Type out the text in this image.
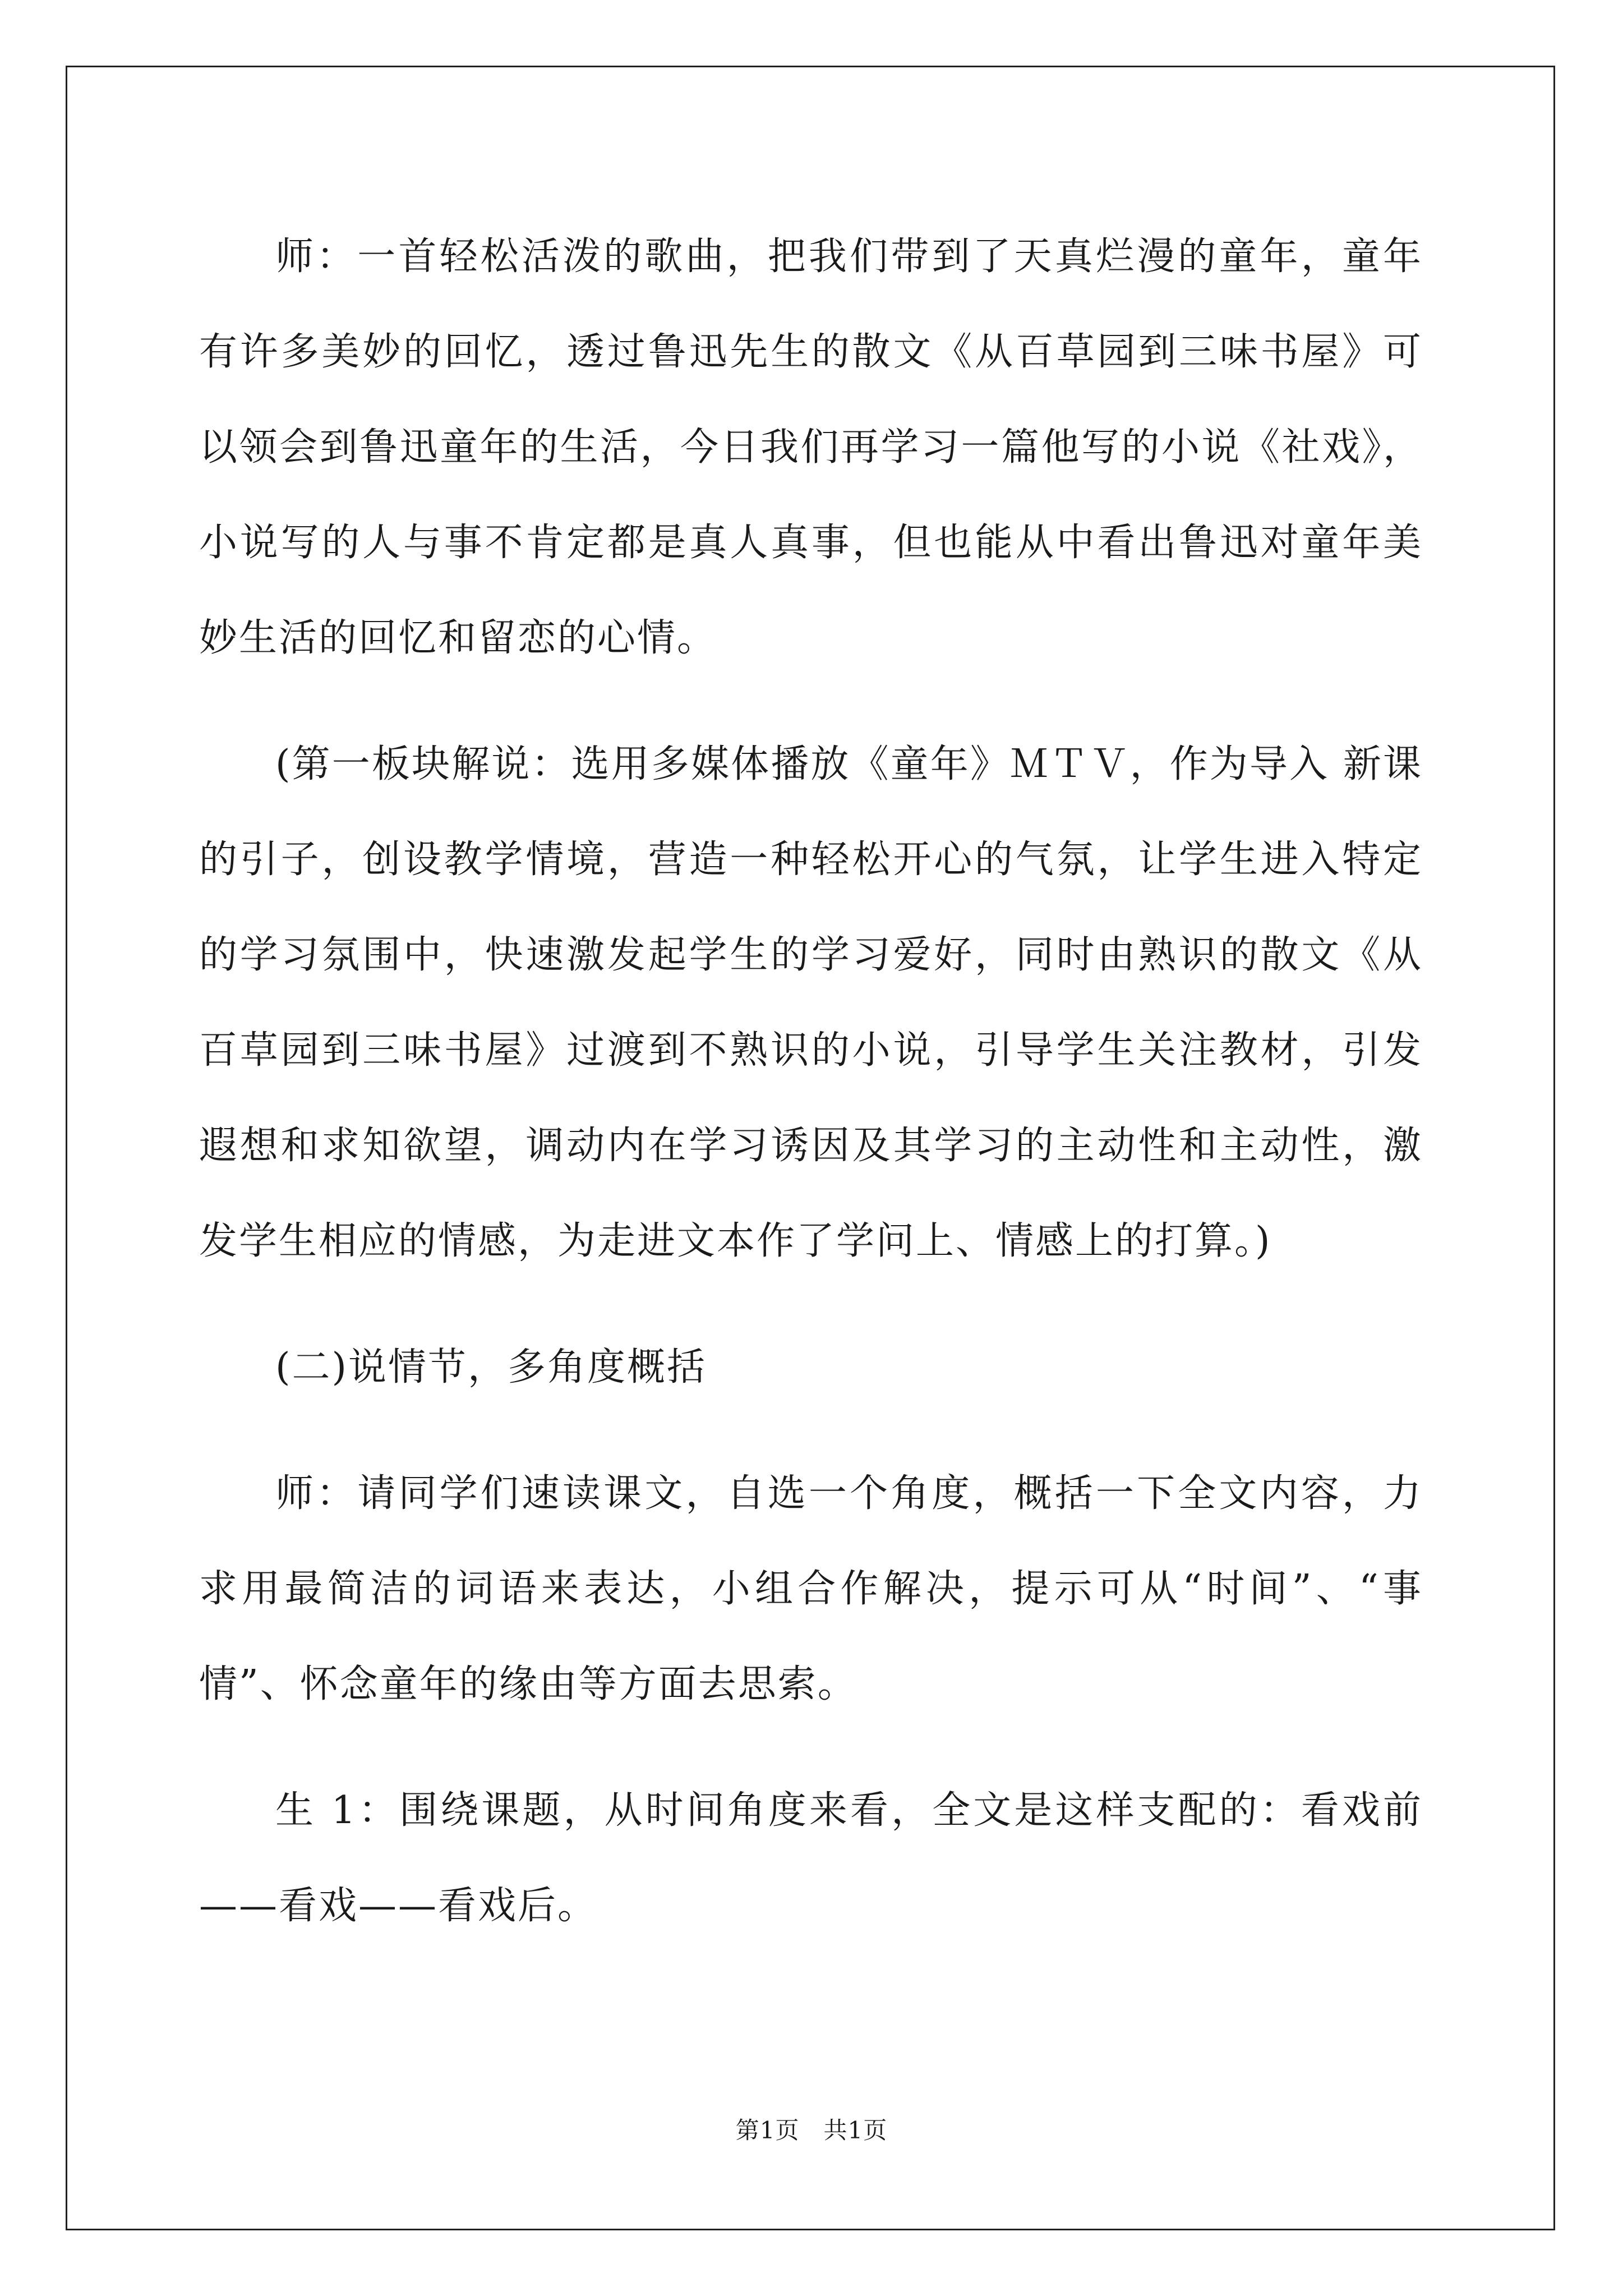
师：一首轻松活泼的歌曲，把我们带到了天真烂漫的童年，童年有许多美妙的回忆，透过鲁迅先生的散文《从百草园到三味书屋》可以领会到鲁迅童年的生活，今日我们再学习一篇他写的小说《社戏》，小说写的人与事不肯定都是真人真事，但也能从中看出鲁迅对童年美妙生活的回忆和留恋的心情。

(第一板块解说：选用多媒体播放《童年》ＭＴＶ，作为导入 新课的引子，创设教学情境，营造一种轻松开心的气氛，让学生进入特定的学习氛围中，快速激发起学生的学习爱好，同时由熟识的散文《从百草园到三味书屋》过渡到不熟识的小说，引导学生关注教材，引发遐想和求知欲望，调动内在学习诱因及其学习的主动性和主动性，激发学生相应的情感，为走进文本作了学问上、情感上的打算。)

(二)说情节，多角度概括

师：请同学们速读课文，自选一个角度，概括一下全文内容，力求用最简洁的词语来表达，小组合作解决，提示可从“时间”、“事情”、怀念童年的缘由等方面去思索。

生 1：围绕课题，从时间角度来看，全文是这样支配的：看戏前——看戏——看戏后。

第1页   共1页
